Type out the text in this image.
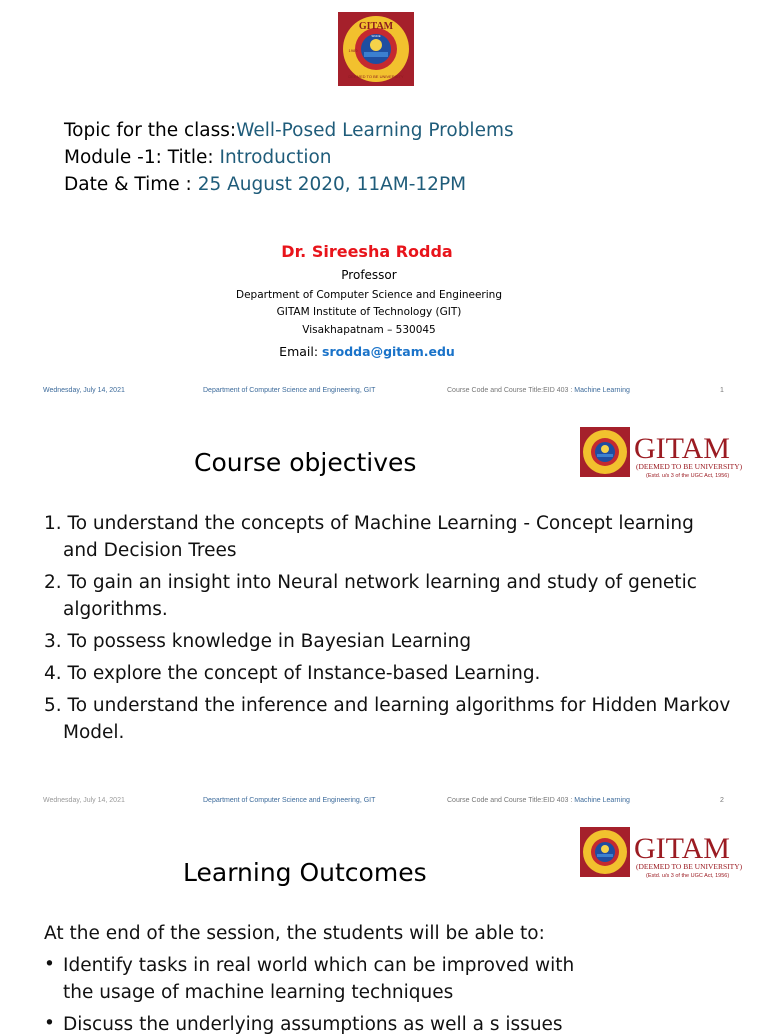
GITAM
DEEMED TO BE UNIVERSITY
SINCE
1980
Topic for the class:Well-Posed Learning Problems
Module -1: Title: Introduction
Date & Time : 25 August 2020, 11AM-12PM
Dr. Sireesha Rodda
Professor
Department of Computer Science and Engineering
GITAM Institute of Technology (GIT)
Visakhapatnam – 530045
Email: srodda@gitam.edu
Wednesday, July 14, 2021	Department of Computer Science and Engineering, GIT	Course Code and Course Title:EID 403 : Machine Learning	1
Course objectives	GITAM
(DEEMED TO BE UNIVERSITY)
(Estd. u/s 3 of the UGC Act, 1956)
1. To understand the concepts of Machine Learning - Concept learning
and Decision Trees
2. To gain an insight into Neural network learning and study of genetic
algorithms.
3. To possess knowledge in Bayesian Learning
4. To explore the concept of Instance-based Learning.
5. To understand the inference and learning algorithms for Hidden Markov
Model.
Wednesday, July 14, 2021	Department of Computer Science and Engineering, GIT	Course Code and Course Title:EID 403 : Machine Learning	2
Learning Outcomes
GITAM
(DEEMED TO BE UNIVERSITY)
(Estd. u/s 3 of the UGC Act, 1956)
At the end of the session, the students will be able to:
• Identify tasks in real world which can be improved with
the usage of machine learning techniques
• Discuss the underlying assumptions as well a s issues
